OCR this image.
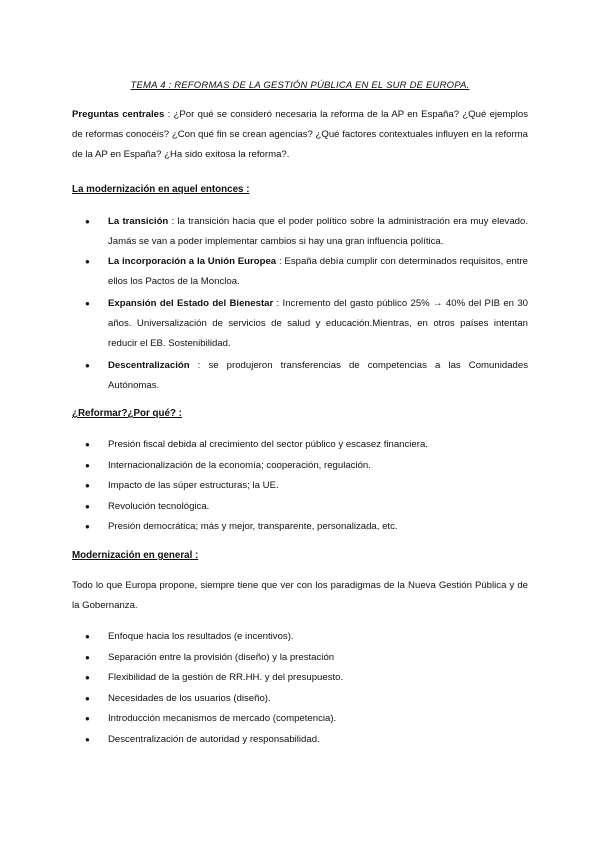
TEMA 4 : REFORMAS DE LA GESTIÓN PÚBLICA EN EL SUR DE EUROPA.
Preguntas centrales : ¿Por qué se consideró necesaria la reforma de la AP en España? ¿Qué ejemplos de reformas conocéis? ¿Con qué fin se crean agencias? ¿Qué factores contextuales influyen en la reforma de la AP en España? ¿Ha sido exitosa la reforma?.
La modernización en aquel entonces :
●	La transición : la transición hacia que el poder político sobre la administración era muy elevado. Jamás se van a poder implementar cambios si hay una gran influencia política.
●	La incorporación a la Unión Europea : España debía cumplir con determinados requisitos, entre ellos los Pactos de la Moncloa.
●	Expansión del Estado del Bienestar : Incremento del gasto público 25% → 40% del PIB en 30 años. Universalización de servicios de salud y educación.Mientras, en otros países intentan reducir el EB. Sostenibilidad.
●	Descentralización : se produjeron transferencias de competencias a las Comunidades Autónomas.
¿Reformar?¿Por qué? :
●	Presión fiscal debida al crecimiento del sector público y escasez financiera.
●	Internacionalización de la economía; cooperación, regulación.
●	Impacto de las súper estructuras; la UE.
●	Revolución tecnológica.
●	Presión democrática; más y mejor, transparente, personalizada, etc.
Modernización en general :
Todo lo que Europa propone, siempre tiene que ver con los paradigmas de la Nueva Gestión Pública y de la Gobernanza.
●	Enfoque hacia los resultados (e incentivos).
●	Separación entre la provisión (diseño) y la prestación
●	Flexibilidad de la gestión de RR.HH. y del presupuesto.
●	Necesidades de los usuarios (diseño).
●	Introducción mecanismos de mercado (competencia).
●	Descentralización de autoridad y responsabilidad.
